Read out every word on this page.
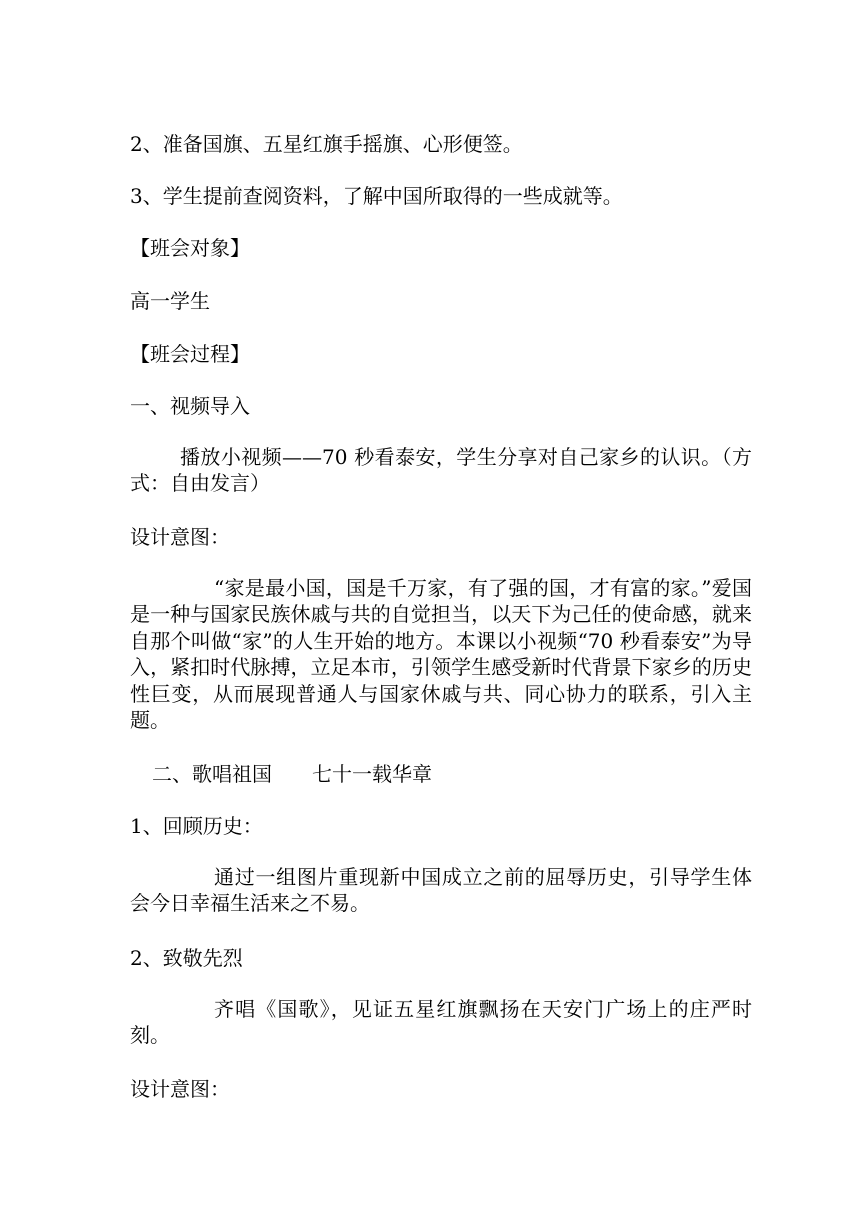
2、准备国旗、五星红旗手摇旗、心形便签。
3、学生提前查阅资料，了解中国所取得的一些成就等。
【班会对象】
高一学生
【班会过程】
一、视频导入
播放小视频——70 秒看泰安，学生分享对自己家乡的认识。（方式：自由发言）
设计意图：
“家是最小国，国是千万家，有了强的国，才有富的家。”爱国是一种与国家民族休戚与共的自觉担当，以天下为己任的使命感，就来自那个叫做“家”的人生开始的地方。本课以小视频“70 秒看泰安”为导入，紧扣时代脉搏，立足本市，引领学生感受新时代背景下家乡的历史性巨变，从而展现普通人与国家休戚与共、同心协力的联系，引入主题。
二、歌唱祖国　　七十一载华章
1、回顾历史：
通过一组图片重现新中国成立之前的屈辱历史，引导学生体会今日幸福生活来之不易。
2、致敬先烈
齐唱《国歌》，见证五星红旗飘扬在天安门广场上的庄严时刻。
设计意图：
